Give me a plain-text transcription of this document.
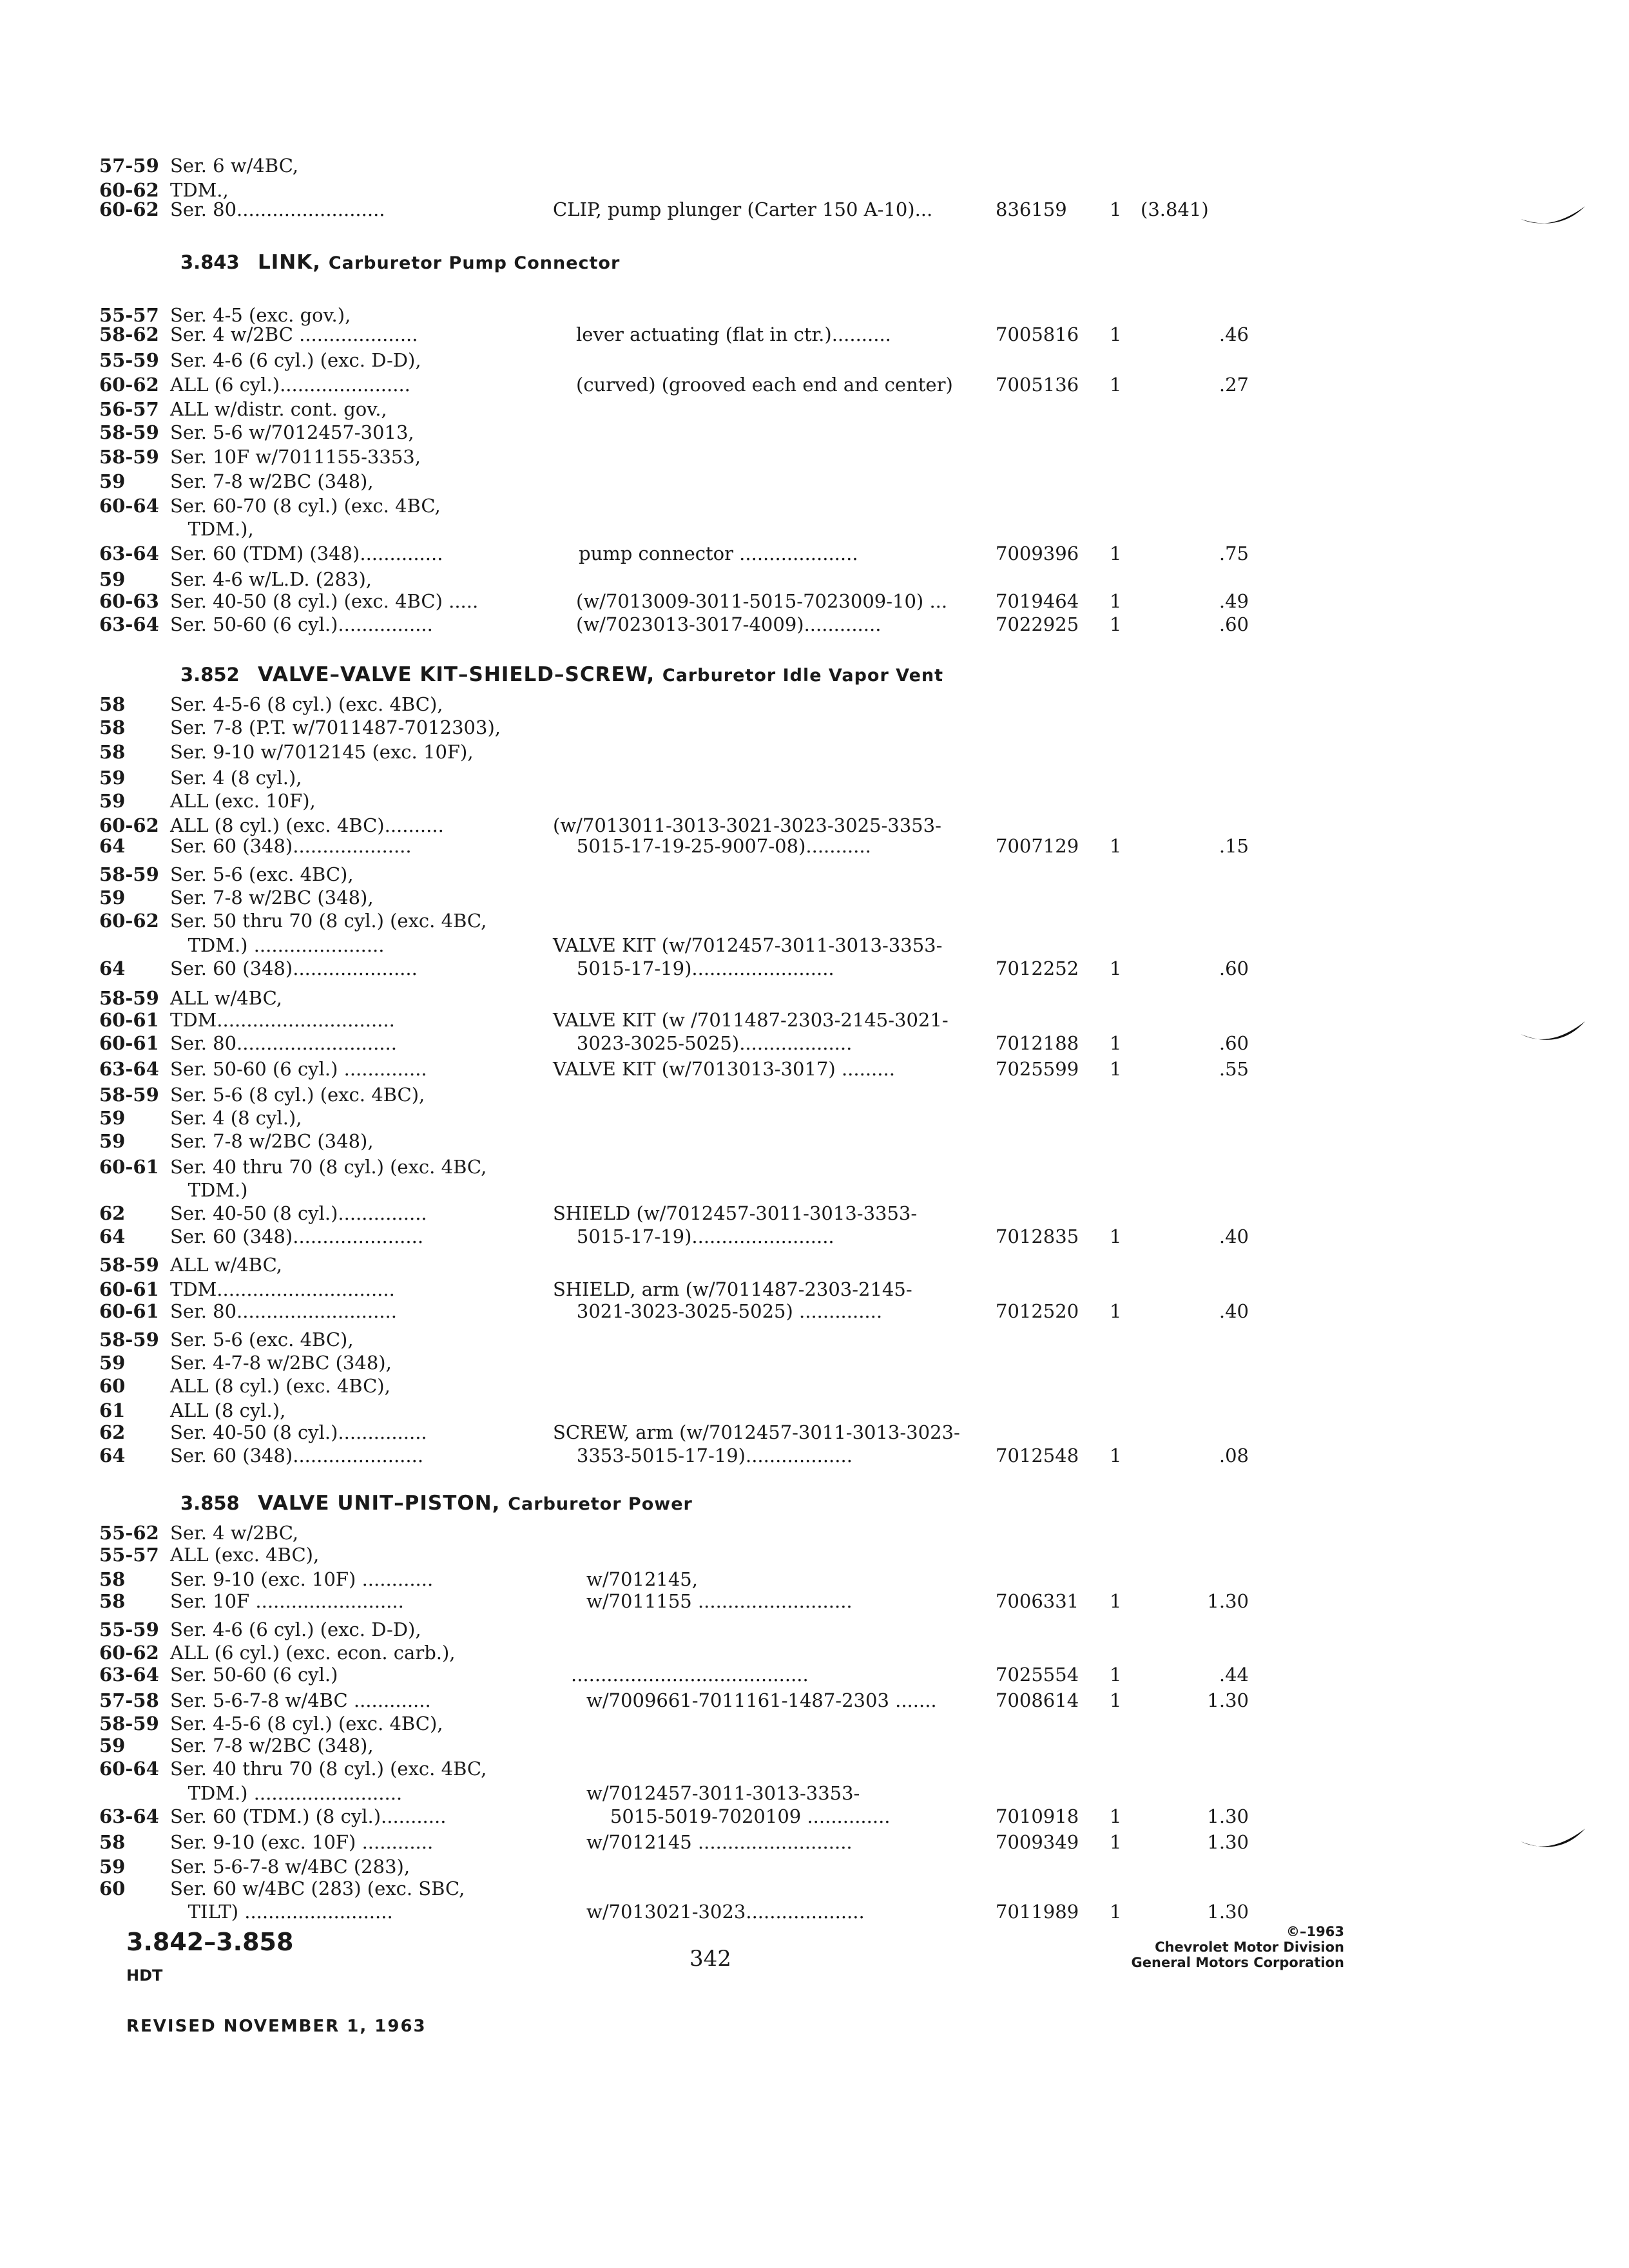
57-59 Ser. 6 w/4BC,
60-62 TDM.,
60-62 Ser. 80.........................	CLIP, pump plunger (Carter 150 A-10)...	836159 1 (3.841)
3.843 LINK, Carburetor Pump Connector
55-57 Ser. 4-5 (exc. gov.),
58-62 Ser. 4 w/2BC ....................	lever actuating (flat in ctr.)..........	7005816 1	.46
55-59 Ser. 4-6 (6 cyl.) (exc. D-D),
60-62 ALL (6 cyl.)......................	(curved) (grooved each end and center) 7005136 1	.27
56-57 ALL w/distr. cont. gov.,
58-59 Ser. 5-6 w/7012457-3013,
58-59 Ser. 10F w/7011155-3353,
59 Ser. 7-8 w/2BC (348),
60-64 Ser. 60-70 (8 cyl.) (exc. 4BC,
TDM.),
63-64 Ser. 60 (TDM) (348)..............	pump connector ....................	7009396 1	.75
59 Ser. 4-6 w/L.D. (283),
60-63 Ser. 40-50 (8 cyl.) (exc. 4BC) .....	(w/7013009-3011-5015-7023009-10) ...	7019464 1	.49
63-64 Ser. 50-60 (6 cyl.)................	(w/7023013-3017-4009).............	7022925 1	.60
3.852 VALVE–VALVE KIT–SHIELD–SCREW, Carburetor Idle Vapor Vent
58 Ser. 4-5-6 (8 cyl.) (exc. 4BC),
58 Ser. 7-8 (P.T. w/7011487-7012303),
58 Ser. 9-10 w/7012145 (exc. 10F),
59 Ser. 4 (8 cyl.),
59 ALL (exc. 10F),
60-62 ALL (8 cyl.) (exc. 4BC)..........	(w/7013011-3013-3021-3023-3025-3353-
64 Ser. 60 (348)....................	5015-17-19-25-9007-08)...........	7007129 1	.15
58-59 Ser. 5-6 (exc. 4BC),
59 Ser. 7-8 w/2BC (348),
60-62 Ser. 50 thru 70 (8 cyl.) (exc. 4BC,
TDM.) ......................	VALVE KIT (w/7012457-3011-3013-3353-
64 Ser. 60 (348).....................	5015-17-19)........................	7012252 1	.60
58-59 ALL w/4BC,
60-61 TDM..............................	VALVE KIT (w /7011487-2303-2145-3021-
60-61 Ser. 80...........................	3023-3025-5025)...................	7012188 1	.60
63-64 Ser. 50-60 (6 cyl.) ..............	VALVE KIT (w/7013013-3017) .........	7025599 1	.55
58-59 Ser. 5-6 (8 cyl.) (exc. 4BC),
59 Ser. 4 (8 cyl.),
59 Ser. 7-8 w/2BC (348),
60-61 Ser. 40 thru 70 (8 cyl.) (exc. 4BC,
TDM.)
62 Ser. 40-50 (8 cyl.)...............	SHIELD (w/7012457-3011-3013-3353-
64 Ser. 60 (348)......................	5015-17-19)........................	7012835 1	.40
58-59 ALL w/4BC,
60-61 TDM..............................	SHIELD, arm (w/7011487-2303-2145-
60-61 Ser. 80...........................	3021-3023-3025-5025) ..............	7012520 1	.40
58-59 Ser. 5-6 (exc. 4BC),
59 Ser. 4-7-8 w/2BC (348),
60 ALL (8 cyl.) (exc. 4BC),
61 ALL (8 cyl.),
62 Ser. 40-50 (8 cyl.)...............	SCREW, arm (w/7012457-3011-3013-3023-
64 Ser. 60 (348)......................	3353-5015-17-19)..................	7012548 1	.08
3.858 VALVE UNIT–PISTON, Carburetor Power
55-62 Ser. 4 w/2BC,
55-57 ALL (exc. 4BC),
58 Ser. 9-10 (exc. 10F) ............	w/7012145,
58 Ser. 10F .........................	w/7011155 ..........................	7006331 1	1.30
55-59 Ser. 4-6 (6 cyl.) (exc. D-D),
60-62 ALL (6 cyl.) (exc. econ. carb.),
63-64 Ser. 50-60 (6 cyl.)	........................................	7025554 1	.44
57-58 Ser. 5-6-7-8 w/4BC .............	w/7009661-7011161-1487-2303 .......	7008614 1	1.30
58-59 Ser. 4-5-6 (8 cyl.) (exc. 4BC),
59 Ser. 7-8 w/2BC (348),
60-64 Ser. 40 thru 70 (8 cyl.) (exc. 4BC,
TDM.) .........................	w/7012457-3011-3013-3353-
63-64 Ser. 60 (TDM.) (8 cyl.)...........	5015-5019-7020109 ..............	7010918 1	1.30
58 Ser. 9-10 (exc. 10F) ............	w/7012145 ..........................	7009349 1	1.30
59 Ser. 5-6-7-8 w/4BC (283),
60 Ser. 60 w/4BC (283) (exc. SBC,
TILT) .........................	w/7013021-3023....................	7011989 1	1.30
3.842–3.858
HDT
342
©–1963
Chevrolet Motor Division
General Motors Corporation
REVISED NOVEMBER 1, 1963
